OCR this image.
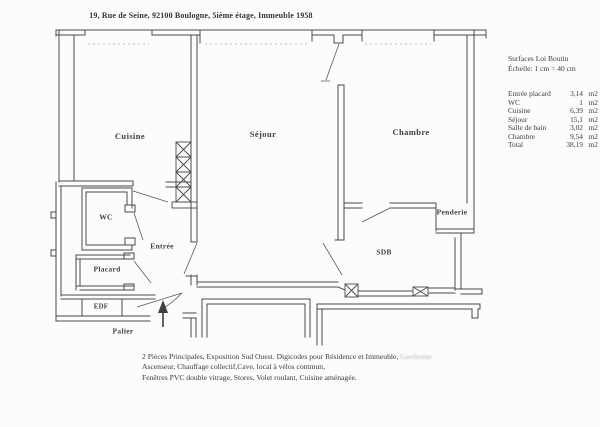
19, Rue de Seine, 92100 Boulogne, 5ième étage, Immeuble 1958
Cuisine	Séjour	Chambre
WC
Entrée
Placard
EDF
Palier
SDB
Penderie
Surfaces Loi Boutin
Échelle: 1 cm = 40 cm
Entrée placard	3,14 m2
WC	1 m2
Cuisine	6,39 m2
Séjour	15,1 m2
Salle de bain	3,02 m2
Chambre	9,54 m2
Total	38,19 m2
2 Pièces Principales, Exposition Sud Ouest. Digicodes pour Résidence et Immeuble, Gardienne
Ascenseur, Chauffage collectif,Cave, local à vélos commun,
Fenêtres PVC double vitrage, Stores, Volet roulant, Cuisine aménagée.
